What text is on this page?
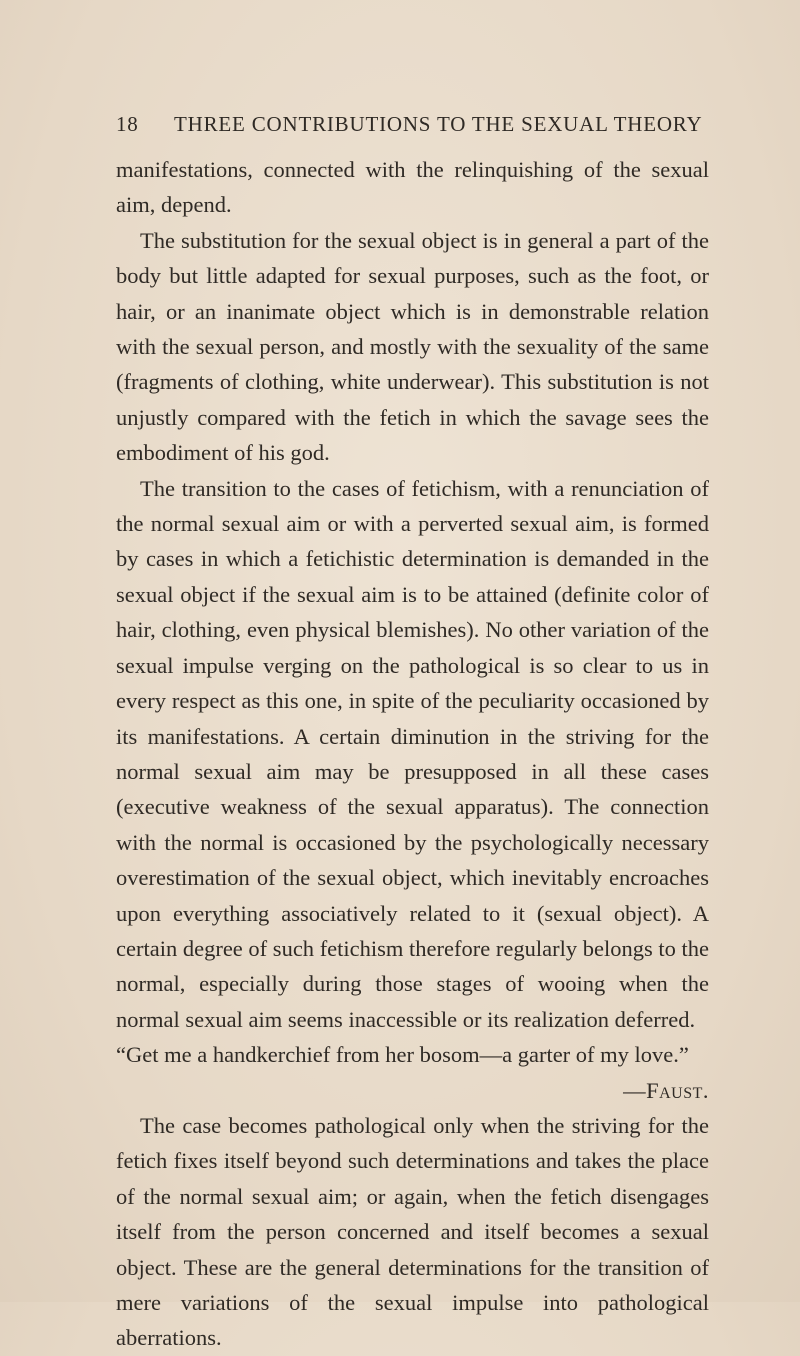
18 THREE CONTRIBUTIONS TO THE SEXUAL THEORY

manifestations, connected with the relinquishing of the sexual aim, depend.

The substitution for the sexual object is in general a part of the body but little adapted for sexual purposes, such as the foot, or hair, or an inanimate object which is in demonstrable relation with the sexual person, and mostly with the sexuality of the same (fragments of clothing, white underwear). This substitution is not unjustly compared with the fetich in which the savage sees the embodiment of his god.

The transition to the cases of fetichism, with a renunciation of the normal sexual aim or with a perverted sexual aim, is formed by cases in which a fetichistic determination is demanded in the sexual object if the sexual aim is to be attained (definite color of hair, clothing, even physical blemishes). No other variation of the sexual impulse verging on the pathological is so clear to us in every respect as this one, in spite of the peculiarity occasioned by its manifestations. A certain diminution in the striving for the normal sexual aim may be presupposed in all these cases (executive weakness of the sexual apparatus). The connection with the normal is occasioned by the psychologically necessary overestimation of the sexual object, which inevitably encroaches upon everything associatively related to it (sexual object). A certain degree of such fetichism therefore regularly belongs to the normal, especially during those stages of wooing when the normal sexual aim seems inaccessible or its realization deferred.

“Get me a handkerchief from her bosom—a garter of my love.”

—Faust.

The case becomes pathological only when the striving for the fetich fixes itself beyond such determinations and takes the place of the normal sexual aim; or again, when the fetich disengages itself from the person concerned and itself becomes a sexual object. These are the general determinations for the transition of mere variations of the sexual impulse into pathological aberrations.
